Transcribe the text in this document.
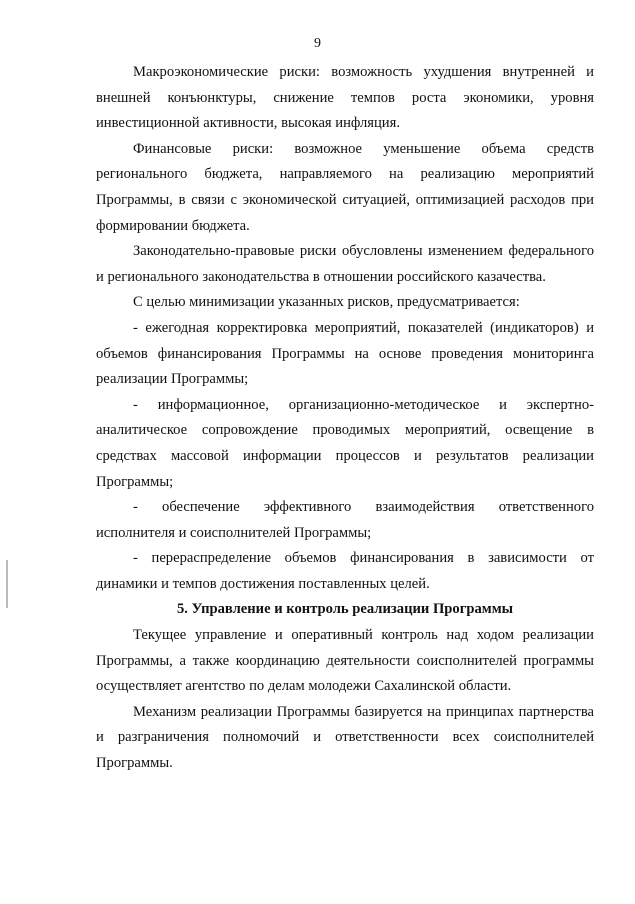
9

Макроэкономические риски: возможность ухудшения внутренней и внешней конъюнктуры, снижение темпов роста экономики, уровня инвестиционной активности, высокая инфляция.

Финансовые риски: возможное уменьшение объема средств регионального бюджета, направляемого на реализацию мероприятий Программы, в связи с экономической ситуацией, оптимизацией расходов при формировании бюджета.

Законодательно-правовые риски обусловлены изменением федерального и регионального законодательства в отношении российского казачества.

С целью минимизации указанных рисков, предусматривается:

- ежегодная корректировка мероприятий, показателей (индикаторов) и объемов финансирования Программы на основе проведения мониторинга реализации Программы;

- информационное, организационно-методическое и экспертно-аналитическое сопровождение проводимых мероприятий, освещение в средствах массовой информации процессов и результатов реализации Программы;

- обеспечение эффективного взаимодействия ответственного исполнителя и соисполнителей Программы;

- перераспределение объемов финансирования в зависимости от динамики и темпов достижения поставленных целей.

5. Управление и контроль реализации Программы

Текущее управление и оперативный контроль над ходом реализации Программы, а также координацию деятельности соисполнителей программы осуществляет агентство по делам молодежи Сахалинской области.

Механизм реализации Программы базируется на принципах партнерства и разграничения полномочий и ответственности всех соисполнителей Программы.
